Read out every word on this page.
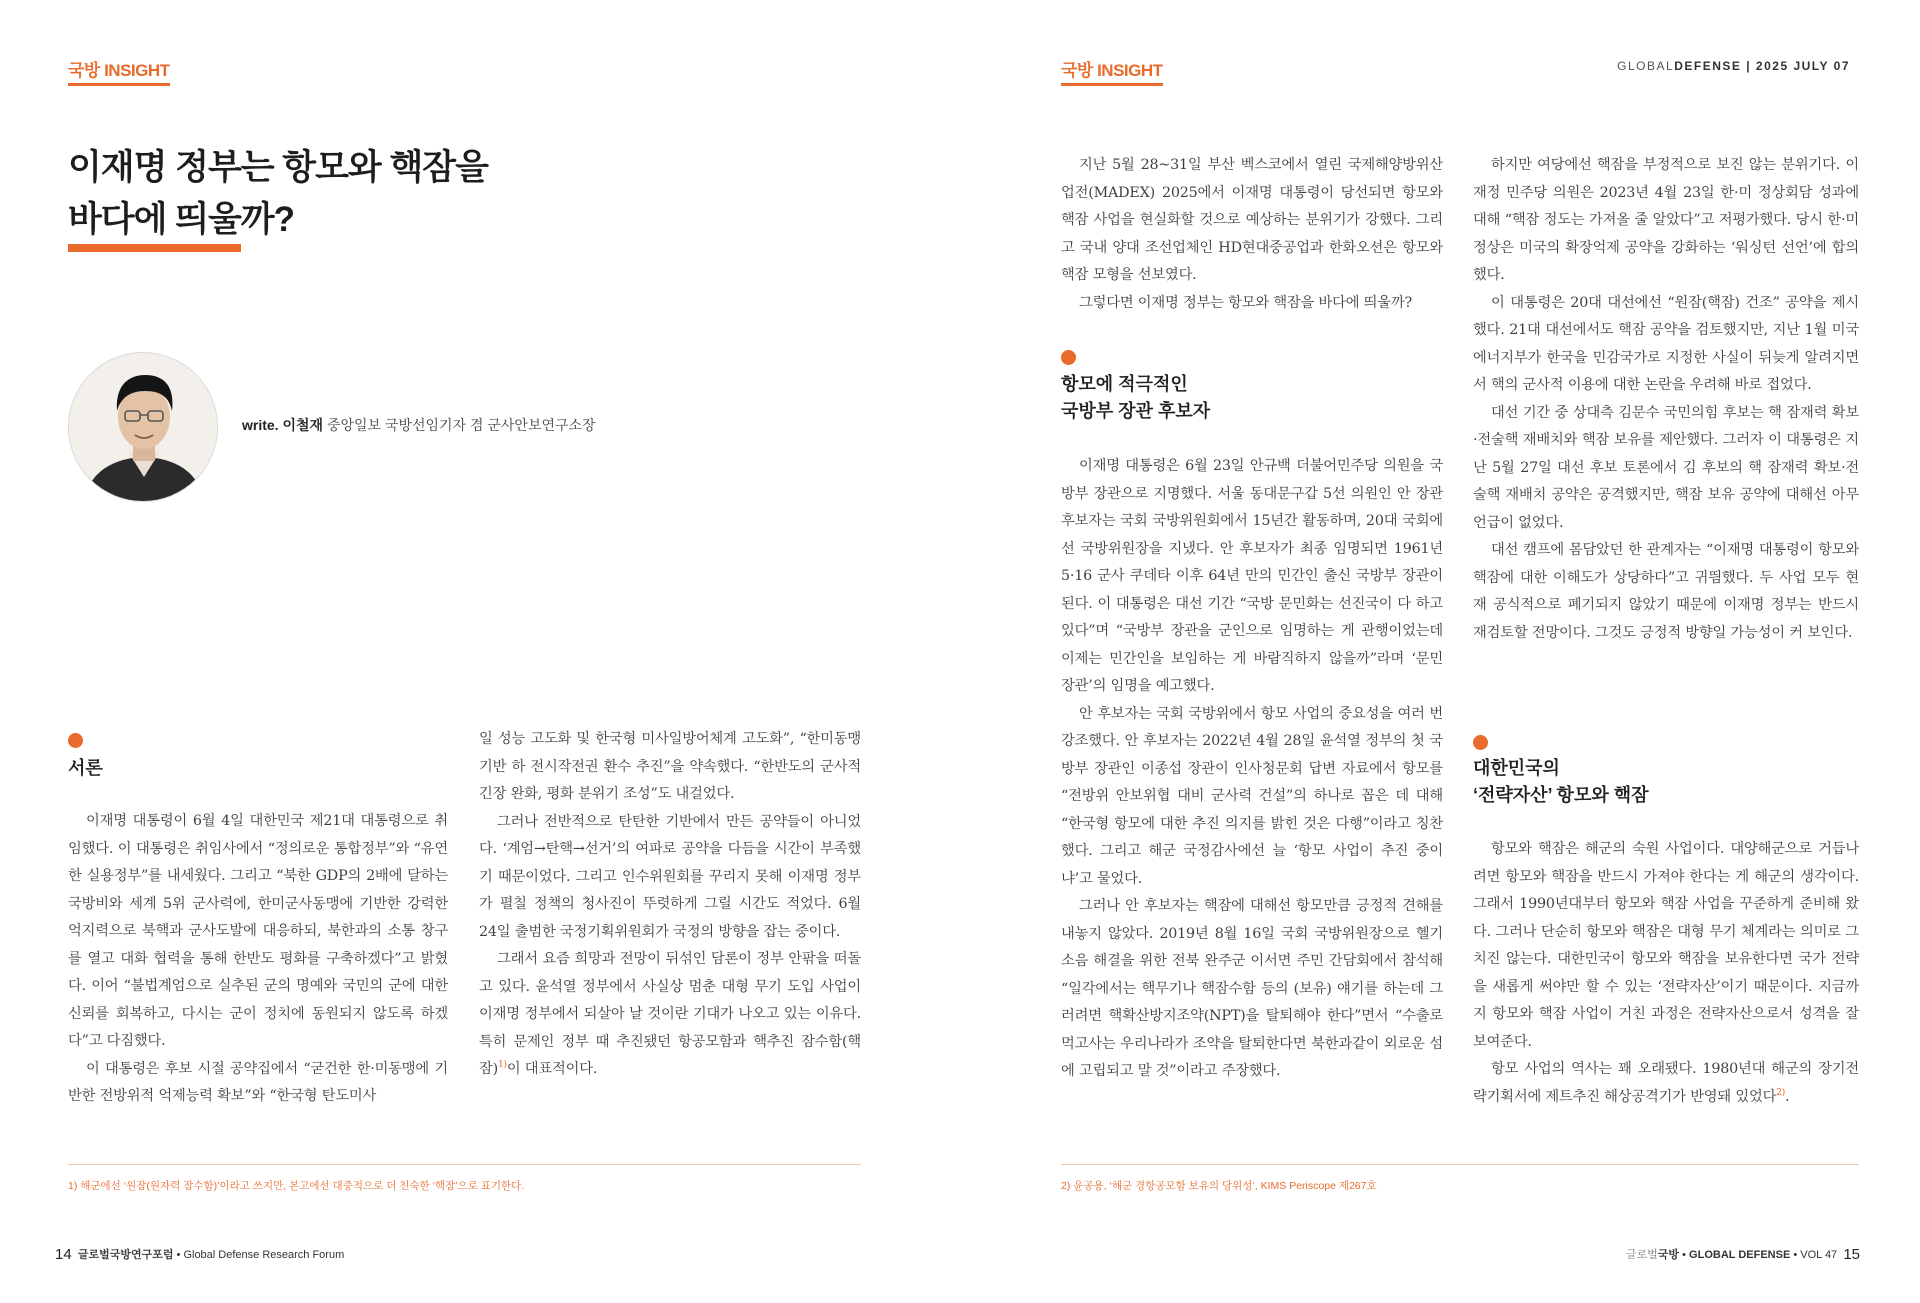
국방 INSIGHT
이재명 정부는 항모와 핵잠을
바다에 띄울까?
write. 이철재 중앙일보 국방선임기자 겸 군사안보연구소장
서론

이재명 대통령이 6월 4일 대한민국 제21대 대통령으로 취임했다. 이 대통령은 취임사에서 “정의로운 통합정부”와 “유연한 실용정부”를 내세웠다. 그리고 “북한 GDP의 2배에 달하는 국방비와 세계 5위 군사력에, 한미군사동맹에 기반한 강력한 억지력으로 북핵과 군사도발에 대응하되, 북한과의 소통 창구를 열고 대화 협력을 통해 한반도 평화를 구축하겠다”고 밝혔다. 이어 “불법계엄으로 실추된 군의 명예와 국민의 군에 대한 신뢰를 회복하고, 다시는 군이 정치에 동원되지 않도록 하겠다”고 다짐했다.

이 대통령은 후보 시절 공약집에서 “굳건한 한·미동맹에 기반한 전방위적 억제능력 확보”와 “한국형 탄도미사

일 성능 고도화 및 한국형 미사일방어체계 고도화”, “한미동맹 기반 하 전시작전권 환수 추진”을 약속했다. “한반도의 군사적 긴장 완화, 평화 분위기 조성”도 내걸었다.

그러나 전반적으로 탄탄한 기반에서 만든 공약들이 아니었다. ‘계엄→탄핵→선거’의 여파로 공약을 다듬을 시간이 부족했기 때문이었다. 그리고 인수위원회를 꾸리지 못해 이재명 정부가 펼칠 정책의 청사진이 뚜렷하게 그릴 시간도 적었다. 6월 24일 출범한 국정기획위원회가 국정의 방향을 잡는 중이다.

그래서 요즘 희망과 전망이 뒤섞인 담론이 정부 안팎을 떠돌고 있다. 윤석열 정부에서 사실상 멈춘 대형 무기 도입 사업이 이재명 정부에서 되살아 날 것이란 기대가 나오고 있는 이유다. 특히 문제인 정부 때 추진됐던 항공모함과 핵추진 잠수함(핵잠)$^{1)}$이 대표적이다.

1) 해군에선 ‘원잠(원자력 잠수함)’이라고 쓰지만, 본고에선 대중적으로 더 친숙한 ‘핵잠’으로 표기한다.
14 글로벌국방연구포럼 • Global Defense Research Forum
국방 INSIGHT	GLOBALDEFENSE | 2025 JULY 07

지난 5월 28~31일 부산 벡스코에서 열린 국제해양방위산업전(MADEX) 2025에서 이재명 대통령이 당선되면 항모와 핵잠 사업을 현실화할 것으로 예상하는 분위기가 강했다. 그리고 국내 양대 조선업체인 HD현대중공업과 한화오션은 항모와 핵잠 모형을 선보였다.

그렇다면 이재명 정부는 항모와 핵잠을 바다에 띄울까?

항모에 적극적인
국방부 장관 후보자

이재명 대통령은 6월 23일 안규백 더불어민주당 의원을 국방부 장관으로 지명했다. 서울 동대문구갑 5선 의원인 안 장관 후보자는 국회 국방위원회에서 15년간 활동하며, 20대 국회에선 국방위원장을 지냈다. 안 후보자가 최종 임명되면 1961년 5·16 군사 쿠데타 이후 64년 만의 민간인 출신 국방부 장관이 된다. 이 대통령은 대선 기간 “국방 문민화는 선진국이 다 하고 있다”며 “국방부 장관을 군인으로 임명하는 게 관행이었는데 이제는 민간인을 보임하는 게 바람직하지 않을까”라며 ‘문민 장관’의 임명을 예고했다.

안 후보자는 국회 국방위에서 항모 사업의 중요성을 여러 번 강조했다. 안 후보자는 2022년 4월 28일 윤석열 정부의 첫 국방부 장관인 이종섭 장관이 인사청문회 답변 자료에서 항모를 “전방위 안보위협 대비 군사력 건설”의 하나로 꼽은 데 대해 “한국형 항모에 대한 추진 의지를 밝힌 것은 다행”이라고 칭찬했다. 그리고 해군 국정감사에선 늘 ‘항모 사업이 추진 중이냐’고 물었다.

그러나 안 후보자는 핵잠에 대해선 항모만큼 긍정적 견해를 내놓지 않았다. 2019년 8월 16일 국회 국방위원장으로 헬기 소음 해결을 위한 전북 완주군 이서면 주민 간담회에서 참석해 “일각에서는 핵무기나 핵잠수함 등의 (보유) 얘기를 하는데 그러려면 핵확산방지조약(NPT)을 탈퇴해야 한다”면서 “수출로 먹고사는 우리나라가 조약을 탈퇴한다면 북한과같이 외로운 섬에 고립되고 말 것”이라고 주장했다.

하지만 여당에선 핵잠을 부정적으로 보진 않는 분위기다. 이재정 민주당 의원은 2023년 4월 23일 한·미 정상회담 성과에 대해 “핵잠 정도는 가져올 줄 알았다”고 저평가했다. 당시 한·미 정상은 미국의 확장억제 공약을 강화하는 ‘워싱턴 선언’에 합의했다.

이 대통령은 20대 대선에선 “원잠(핵잠) 건조” 공약을 제시했다. 21대 대선에서도 핵잠 공약을 검토했지만, 지난 1월 미국 에너지부가 한국을 민감국가로 지정한 사실이 뒤늦게 알려지면서 핵의 군사적 이용에 대한 논란을 우려해 바로 접었다.

대선 기간 중 상대측 김문수 국민의힘 후보는 핵 잠재력 확보·전술핵 재배치와 핵잠 보유를 제안했다. 그러자 이 대통령은 지난 5월 27일 대선 후보 토론에서 김 후보의 핵 잠재력 확보·전술핵 재배치 공약은 공격했지만, 핵잠 보유 공약에 대해선 아무 언급이 없었다.

대선 캠프에 몸담았던 한 관계자는 “이재명 대통령이 항모와 핵잠에 대한 이해도가 상당하다”고 귀띔했다. 두 사업 모두 현재 공식적으로 폐기되지 않았기 때문에 이재명 정부는 반드시 재검토할 전망이다. 그것도 긍정적 방향일 가능성이 커 보인다.

대한민국의
‘전략자산’ 항모와 핵잠

항모와 핵잠은 해군의 숙원 사업이다. 대양해군으로 거듭나려면 항모와 핵잠을 반드시 가져야 한다는 게 해군의 생각이다. 그래서 1990년대부터 항모와 핵잠 사업을 꾸준하게 준비해 왔다. 그러나 단순히 항모와 핵잠은 대형 무기 체계라는 의미로 그치진 않는다. 대한민국이 항모와 핵잠을 보유한다면 국가 전략을 새롭게 써야만 할 수 있는 ‘전략자산’이기 때문이다. 지금까지 항모와 핵잠 사업이 거친 과정은 전략자산으로서 성격을 잘 보여준다.

항모 사업의 역사는 꽤 오래됐다. 1980년대 해군의 장기전략기획서에 제트추진 해상공격기가 반영돼 있었다$^{2)}$.

2) 윤공용, ‘해군 경항공모함 보유의 당위성’, KIMS Periscope 제267호
글로벌국방 • GLOBAL DEFENSE • VOL 47 15
